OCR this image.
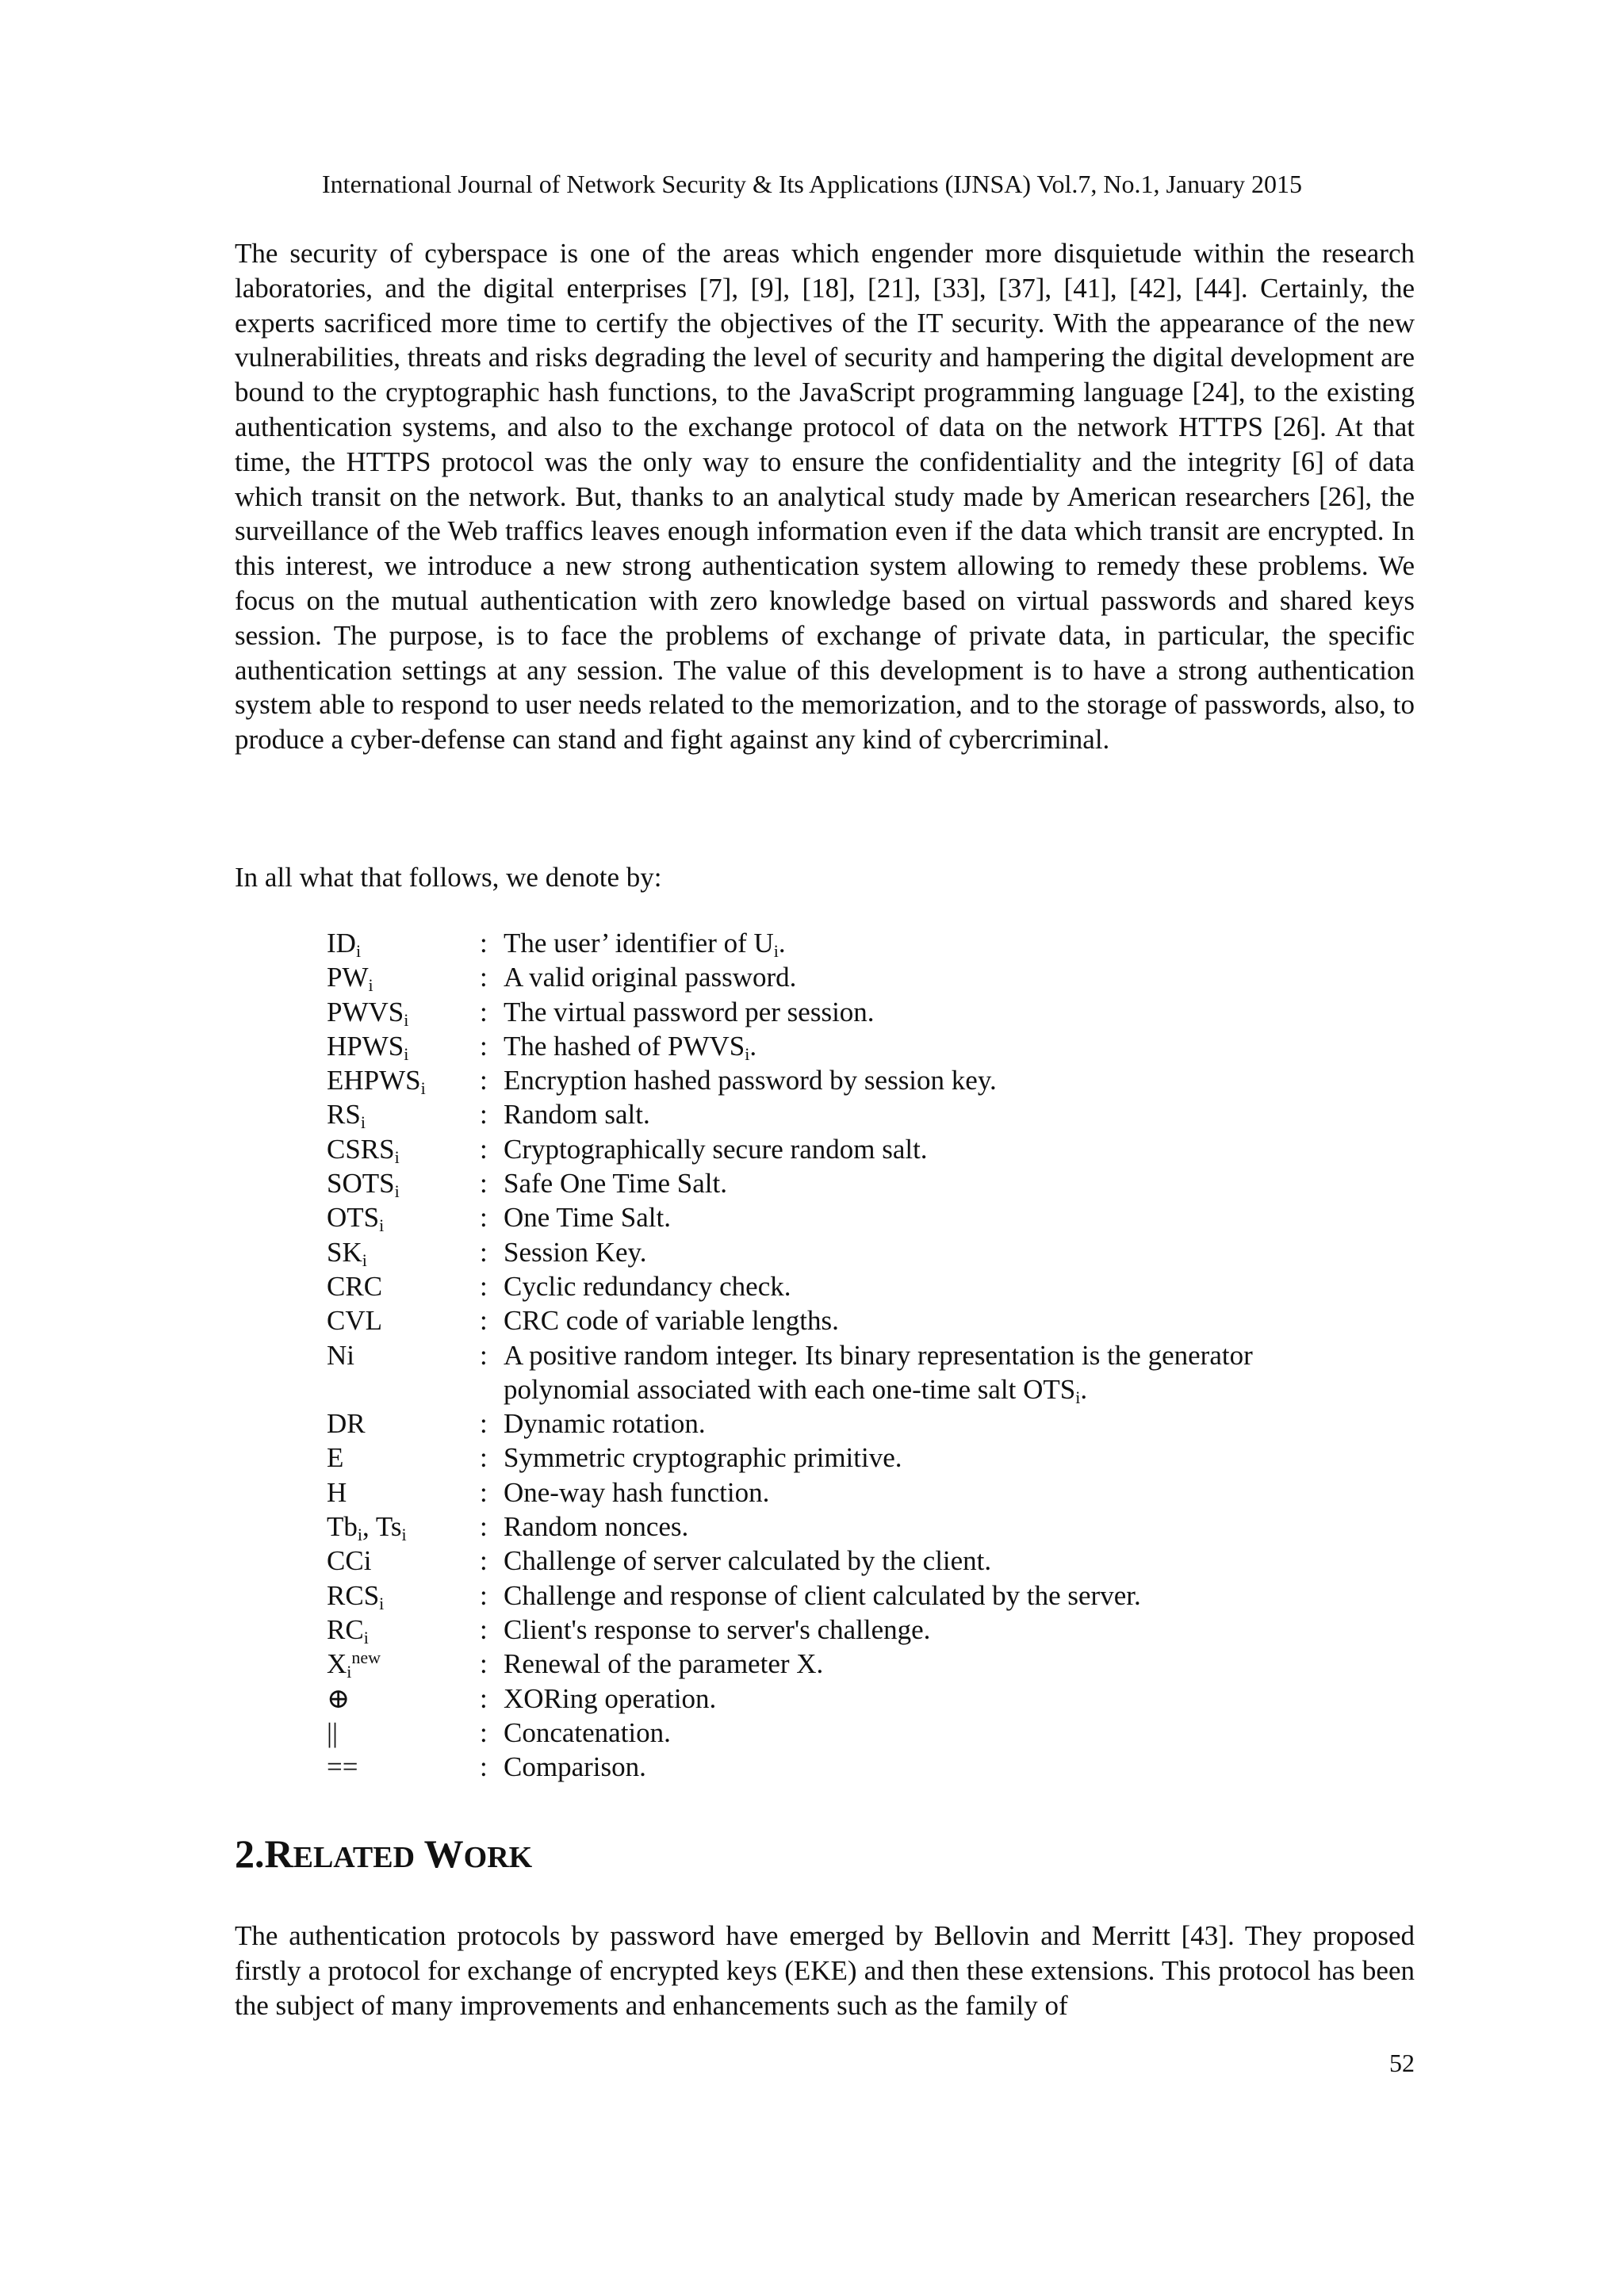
International Journal of Network Security & Its Applications (IJNSA) Vol.7, No.1, January 2015

The security of cyberspace is one of the areas which engender more disquietude within the research laboratories, and the digital enterprises [7], [9], [18], [21], [33], [37], [41], [42], [44]. Certainly, the experts sacrificed more time to certify the objectives of the IT security. With the appearance of the new vulnerabilities, threats and risks degrading the level of security and hampering the digital development are bound to the cryptographic hash functions, to the JavaScript programming language [24], to the existing authentication systems, and also to the exchange protocol of data on the network HTTPS [26]. At that time, the HTTPS protocol was the only way to ensure the confidentiality and the integrity [6] of data which transit on the network. But, thanks to an analytical study made by American researchers [26], the surveillance of the Web traffics leaves enough information even if the data which transit are encrypted. In this interest, we introduce a new strong authentication system allowing to remedy these problems. We focus on the mutual authentication with zero knowledge based on virtual passwords and shared keys session. The purpose, is to face the problems of exchange of private data, in particular, the specific authentication settings at any session. The value of this development is to have a strong authentication system able to respond to user needs related to the memorization, and to the storage of passwords, also, to produce a cyber-defense can stand and fight against any kind of cybercriminal.

In all what that follows, we denote by:

$ID_i$	: The user’ identifier of $U_i$.
$PW_i$	: A valid original password.
$PWVS_i$	: The virtual password per session.
$HPWS_i$	: The hashed of $PWVS_i$.
$EHPWS_i$	: Encryption hashed password by session key.
$RS_i$	: Random salt.
$CSRS_i$	: Cryptographically secure random salt.
$SOTS_i$	: Safe One Time Salt.
$OTS_i$	: One Time Salt.
$SK_i$	: Session Key.
CRC	: Cyclic redundancy check.
CVL	: CRC code of variable lengths.
Ni	: A positive random integer. Its binary representation is the generator
polynomial associated with each one-time salt $OTS_i$.
DR	: Dynamic rotation.
E	: Symmetric cryptographic primitive.
H	: One-way hash function.
$Tb_i$, $Ts_i$	: Random nonces.
CCi	: Challenge of server calculated by the client.
$RCS_i$	: Challenge and response of client calculated by the server.
$RC_i$	: Client's response to server's challenge.
$X_i^{new}$	: Renewal of the parameter X.
⊕	: XORing operation.
||	: Concatenation.
==	: Comparison.
2.RELATED WORK

The authentication protocols by password have emerged by Bellovin and Merritt [43]. They proposed firstly a protocol for exchange of encrypted keys (EKE) and then these extensions. This protocol has been the subject of many improvements and enhancements such as the family of

52
